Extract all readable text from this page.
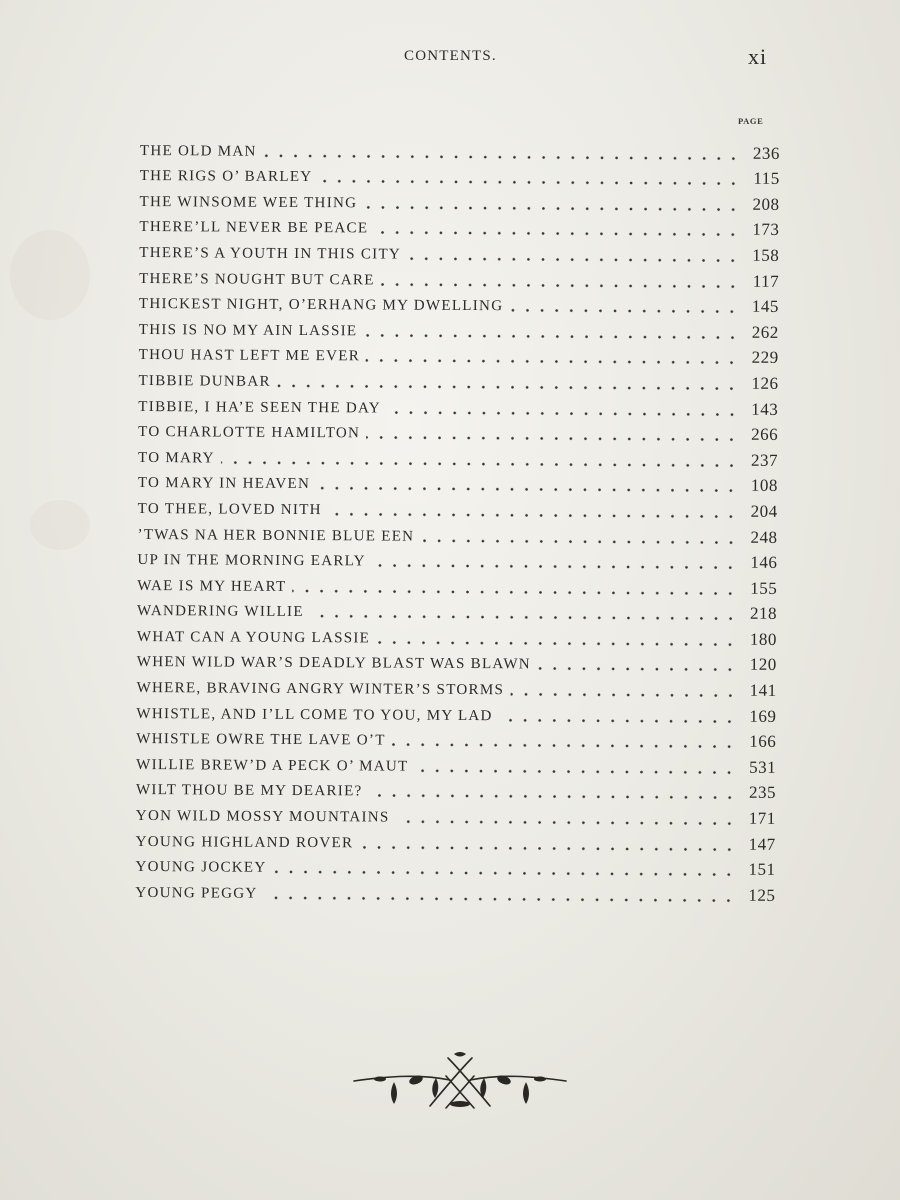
CONTENTS.	xi
PAGE
THE OLD MAN	236
THE RIGS O’ BARLEY	115
THE WINSOME WEE THING	208
THERE’LL NEVER BE PEACE	173
THERE’S A YOUTH IN THIS CITY	158
THERE’S NOUGHT BUT CARE	117
THICKEST NIGHT, O’ERHANG MY DWELLING	145
THIS IS NO MY AIN LASSIE	262
THOU HAST LEFT ME EVER	229
TIBBIE DUNBAR	126
TIBBIE, I HA’E SEEN THE DAY	143
TO CHARLOTTE HAMILTON	266
TO MARY	237
TO MARY IN HEAVEN	108
TO THEE, LOVED NITH	204
’TWAS NA HER BONNIE BLUE EEN	248
UP IN THE MORNING EARLY	146
WAE IS MY HEART	155
WANDERING WILLIE	218
WHAT CAN A YOUNG LASSIE	180
WHEN WILD WAR’S DEADLY BLAST WAS BLAWN	120
WHERE, BRAVING ANGRY WINTER’S STORMS	141
WHISTLE, AND I’LL COME TO YOU, MY LAD	169
WHISTLE OWRE THE LAVE O’T	166
WILLIE BREW’D A PECK O’ MAUT	531
WILT THOU BE MY DEARIE?	235
YON WILD MOSSY MOUNTAINS	171
YOUNG HIGHLAND ROVER	147
YOUNG JOCKEY	151
YOUNG PEGGY	125
